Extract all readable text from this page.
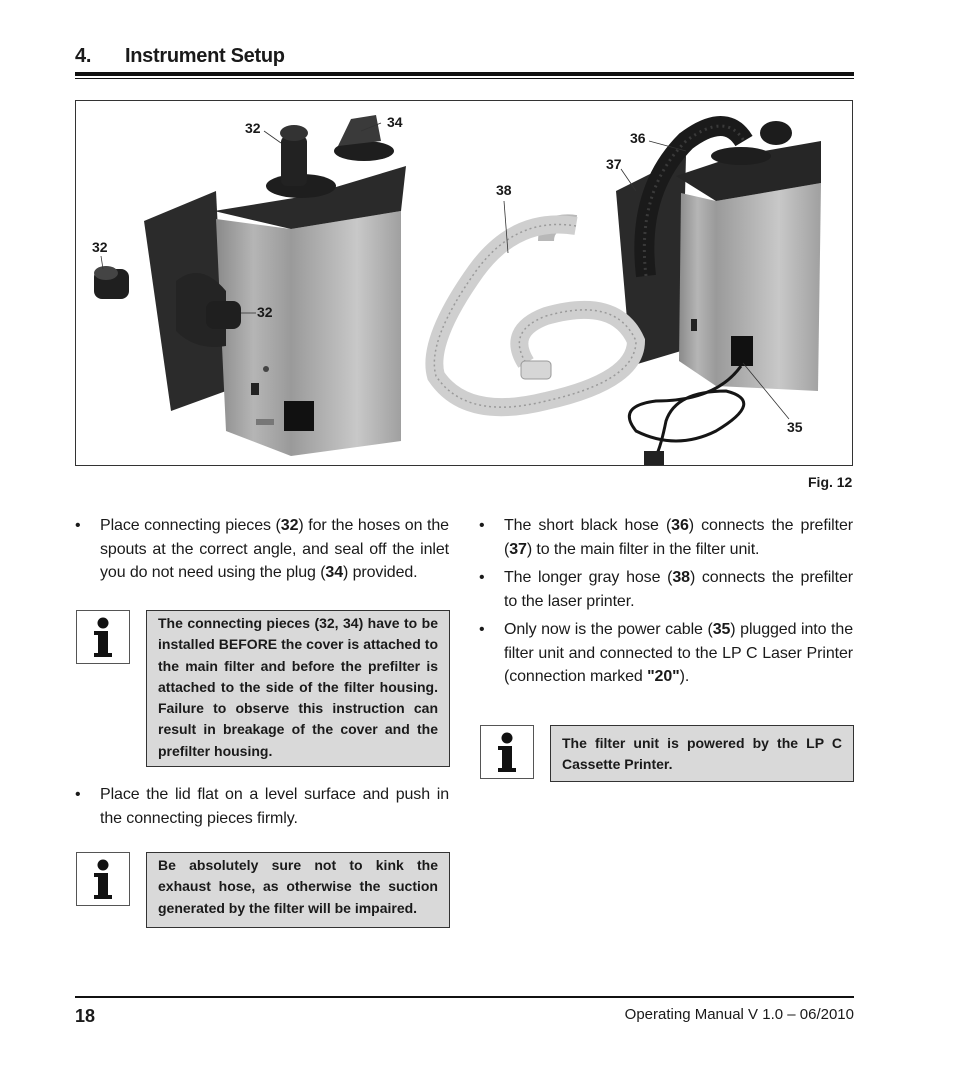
4. Instrument Setup
32	34
32
32
36
37
38
35
Fig. 12
• Place connecting pieces (32) for the hoses on the spouts at the correct angle, and seal off the inlet you do not need using the plug (34) provided.
The connecting pieces (32, 34) have to be installed BEFORE the cover is attached to the main filter and before the prefilter is attached to the side of the filter housing. Failure to observe this instruction can result in breakage of the cover and the prefilter housing.
• Place the lid flat on a level surface and push in the connecting pieces firmly.
Be absolutely sure not to kink the exhaust hose, as otherwise the suction generated by the filter will be impaired.
• The short black hose (36) connects the prefilter (37) to the main filter in the filter unit.
• The longer gray hose (38) connects the prefilter to the laser printer.
• Only now is the power cable (35) plugged into the filter unit and connected to the LP C Laser Printer (connection marked "20").
The filter unit is powered by the LP C Cassette Printer.
18	Operating Manual V 1.0 – 06/2010
